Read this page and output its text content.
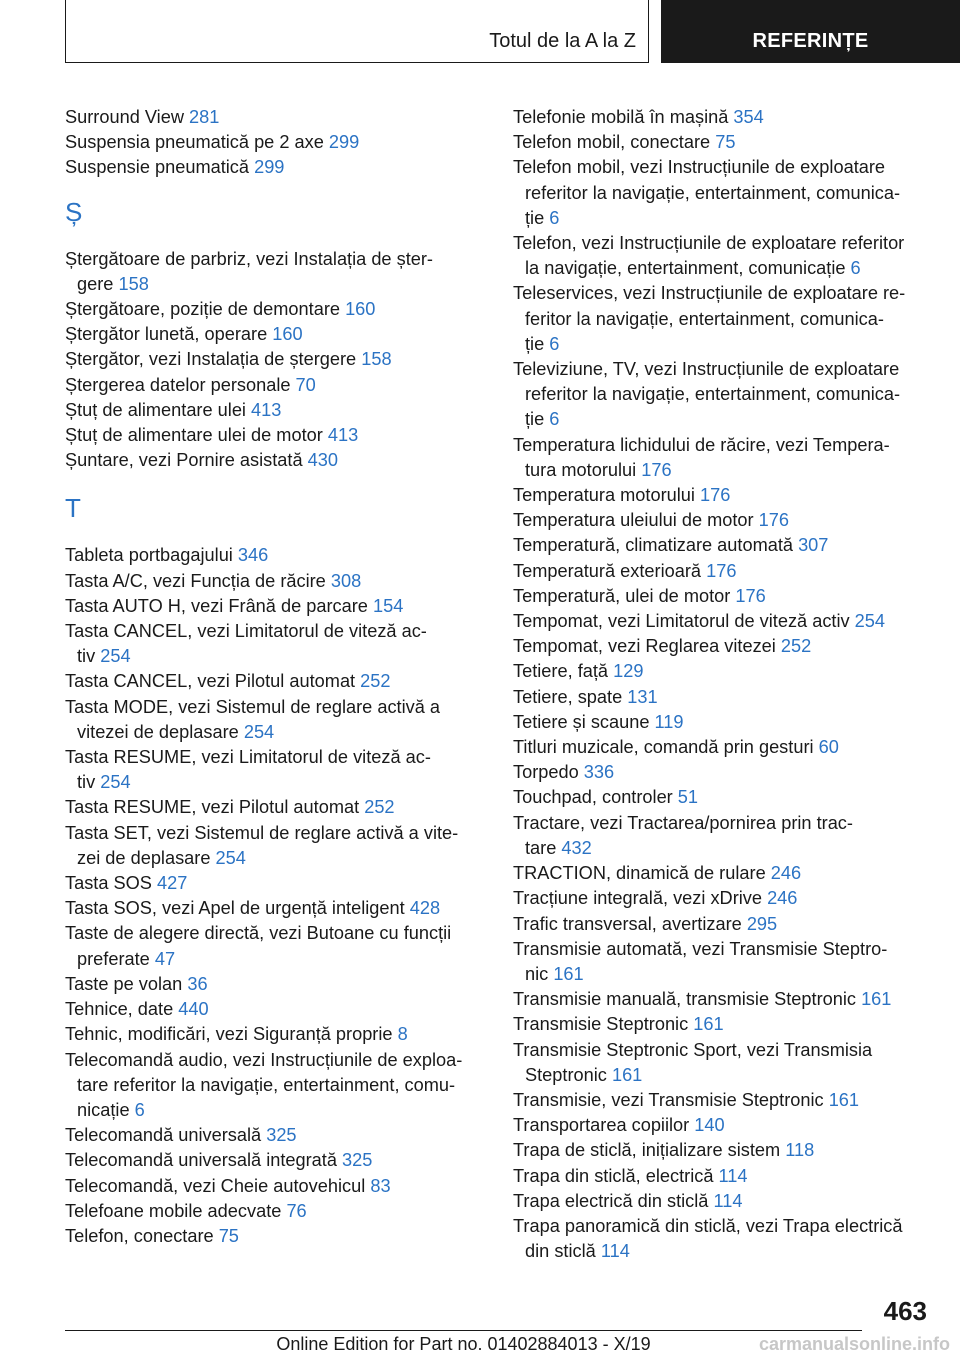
Totul de la A la Z	REFERINȚE
Surround View 281
Suspensia pneumatică pe 2 axe 299
Suspensie pneumatică 299
Ș
Ștergătoare de parbriz, vezi Instalația de șter-
gere 158
Ștergătoare, poziție de demontare 160
Ștergător lunetă, operare 160
Ștergător, vezi Instalația de ștergere 158
Ștergerea datelor personale 70
Ștuț de alimentare ulei 413
Ștuț de alimentare ulei de motor 413
Șuntare, vezi Pornire asistată 430
T
Tableta portbagajului 346
Tasta A/C, vezi Funcția de răcire 308
Tasta AUTO H, vezi Frână de parcare 154
Tasta CANCEL, vezi Limitatorul de viteză ac-
tiv 254
Tasta CANCEL, vezi Pilotul automat 252
Tasta MODE, vezi Sistemul de reglare activă a
vitezei de deplasare 254
Tasta RESUME, vezi Limitatorul de viteză ac-
tiv 254
Tasta RESUME, vezi Pilotul automat 252
Tasta SET, vezi Sistemul de reglare activă a vite-
zei de deplasare 254
Tasta SOS 427
Tasta SOS, vezi Apel de urgență inteligent 428
Taste de alegere directă, vezi Butoane cu funcții
preferate 47
Taste pe volan 36
Tehnice, date 440
Tehnic, modificări, vezi Siguranță proprie 8
Telecomandă audio, vezi Instrucțiunile de exploa-
tare referitor la navigație, entertainment, comu-
nicație 6
Telecomandă universală 325
Telecomandă universală integrată 325
Telecomandă, vezi Cheie autovehicul 83
Telefoane mobile adecvate 76
Telefon, conectare 75
Telefonie mobilă în mașină 354
Telefon mobil, conectare 75
Telefon mobil, vezi Instrucțiunile de exploatare
referitor la navigație, entertainment, comunica-
ție 6
Telefon, vezi Instrucțiunile de exploatare referitor
la navigație, entertainment, comunicație 6
Teleservices, vezi Instrucțiunile de exploatare re-
feritor la navigație, entertainment, comunica-
ție 6
Televiziune, TV, vezi Instrucțiunile de exploatare
referitor la navigație, entertainment, comunica-
ție 6
Temperatura lichidului de răcire, vezi Tempera-
tura motorului 176
Temperatura motorului 176
Temperatura uleiului de motor 176
Temperatură, climatizare automată 307
Temperatură exterioară 176
Temperatură, ulei de motor 176
Tempomat, vezi Limitatorul de viteză activ 254
Tempomat, vezi Reglarea vitezei 252
Tetiere, față 129
Tetiere, spate 131
Tetiere și scaune 119
Titluri muzicale, comandă prin gesturi 60
Torpedo 336
Touchpad, controler 51
Tractare, vezi Tractarea/pornirea prin trac-
tare 432
TRACTION, dinamică de rulare 246
Tracțiune integrală, vezi xDrive 246
Trafic transversal, avertizare 295
Transmisie automată, vezi Transmisie Steptro-
nic 161
Transmisie manuală, transmisie Steptronic 161
Transmisie Steptronic 161
Transmisie Steptronic Sport, vezi Transmisia
Steptronic 161
Transmisie, vezi Transmisie Steptronic 161
Transportarea copiilor 140
Trapa de sticlă, inițializare sistem 118
Trapa din sticlă, electrică 114
Trapa electrică din sticlă 114
Trapa panoramică din sticlă, vezi Trapa electrică
din sticlă 114
463
Online Edition for Part no. 01402884013 - X/19	carmanualsonline.info
